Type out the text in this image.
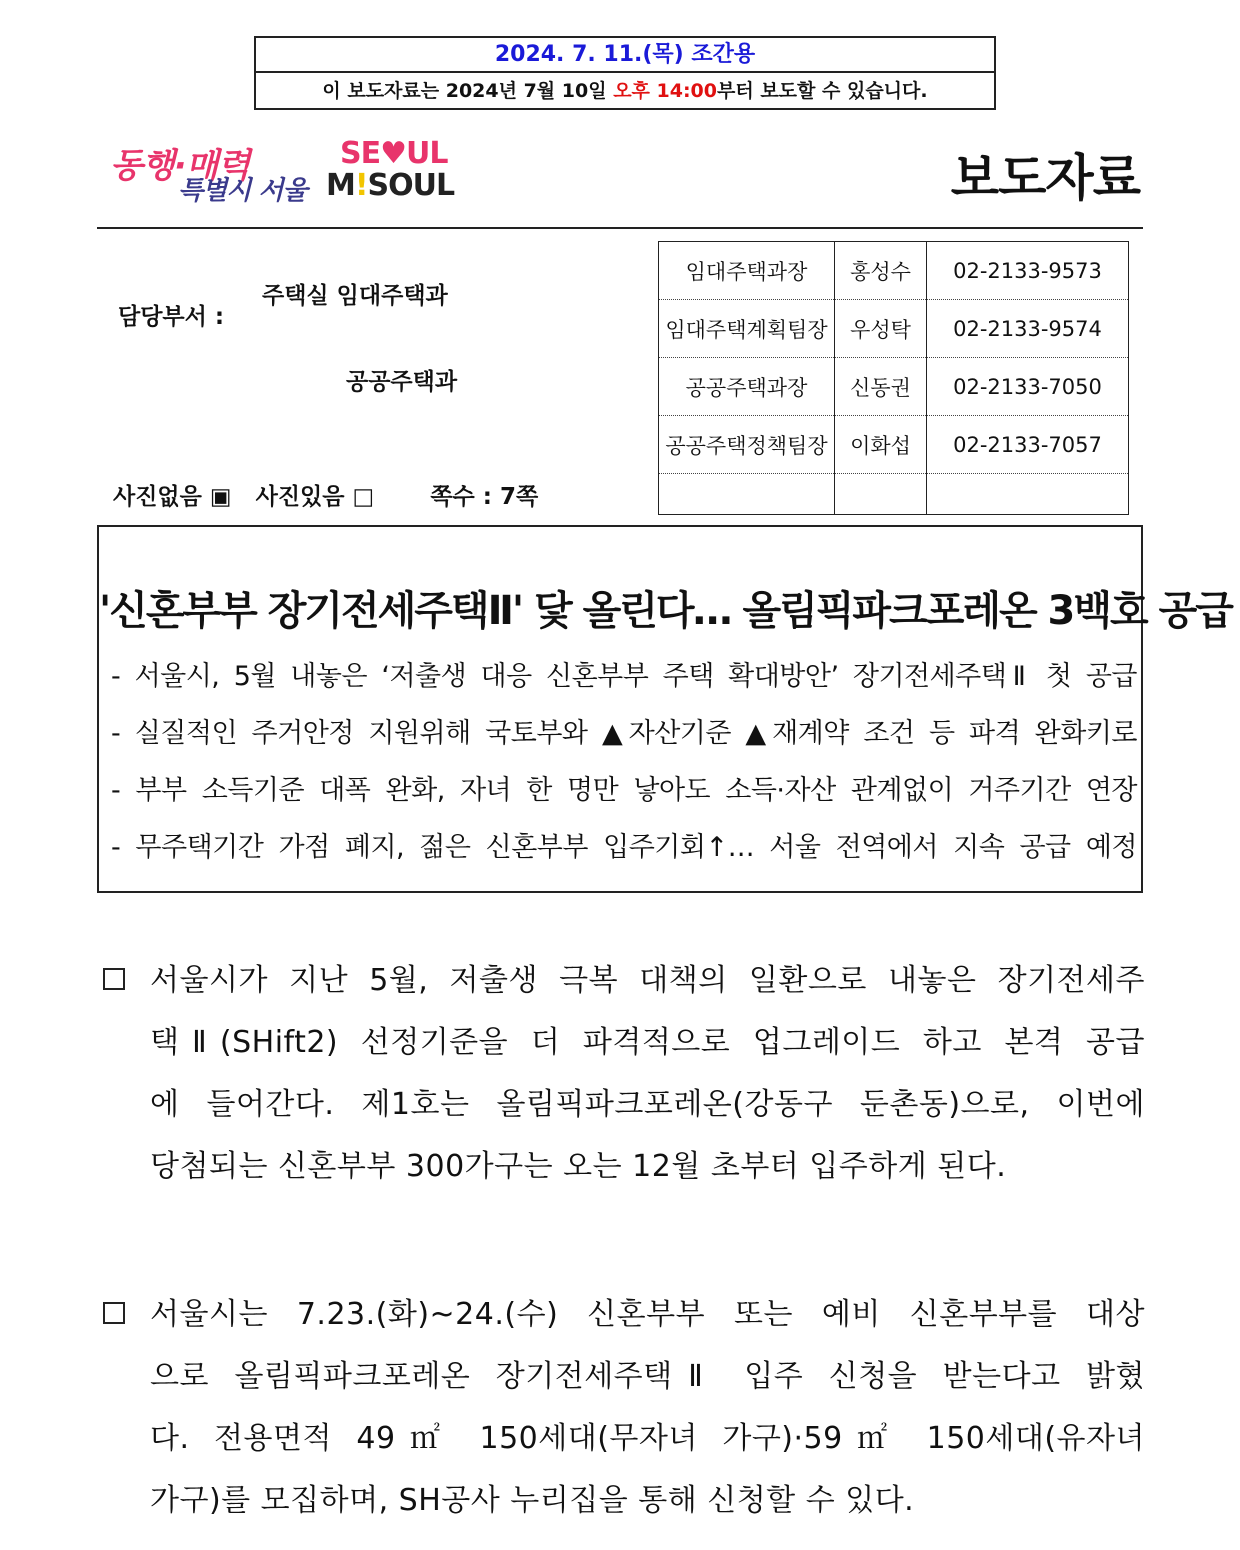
2024. 7. 11.(목) 조간용
이 보도자료는 2024년 7월 10일 오후 14:00부터 보도할 수 있습니다.
동행·매력
특별시 서울
SE♥UL
M!SOUL	보도자료
담당부서 :
주택실 임대주택과
공공주택과
사진없음 ▣ 사진있음 □ 쪽수 : 7쪽
임대주택과장	홍성수	02-2133-9573
임대주택계획팀장	우성탁	02-2133-9574
공공주택과장	신동권	02-2133-7050
공공주택정책팀장	이화섭	02-2133-7057

'신혼부부 장기전세주택Ⅱ' 닻 올린다… 올림픽파크포레온 3백호 공급
- 서울시, 5월 내놓은 ‘저출생 대응 신혼부부 주택 확대방안’ 장기전세주택Ⅱ 첫 공급
- 실질적인 주거안정 지원위해 국토부와 ▲자산기준 ▲재계약 조건 등 파격 완화키로
- 부부 소득기준 대폭 완화, 자녀 한 명만 낳아도 소득·자산 관계없이 거주기간 연장
- 무주택기간 가점 폐지, 젊은 신혼부부 입주기회↑… 서울 전역에서 지속 공급 예정
서울시가 지난 5월, 저출생 극복 대책의 일환으로 내놓은 장기전세주
택Ⅱ(SHift2) 선정기준을 더 파격적으로 업그레이드 하고 본격 공급
에 들어간다. 제1호는 올림픽파크포레온(강동구 둔촌동)으로, 이번에
당첨되는 신혼부부 300가구는 오는 12월 초부터 입주하게 된다.
서울시는 7.23.(화)~24.(수) 신혼부부 또는 예비 신혼부부를 대상
으로 올림픽파크포레온 장기전세주택Ⅱ 입주 신청을 받는다고 밝혔
다. 전용면적 49㎡ 150세대(무자녀 가구)·59㎡ 150세대(유자녀
가구)를 모집하며, SH공사 누리집을 통해 신청할 수 있다.
